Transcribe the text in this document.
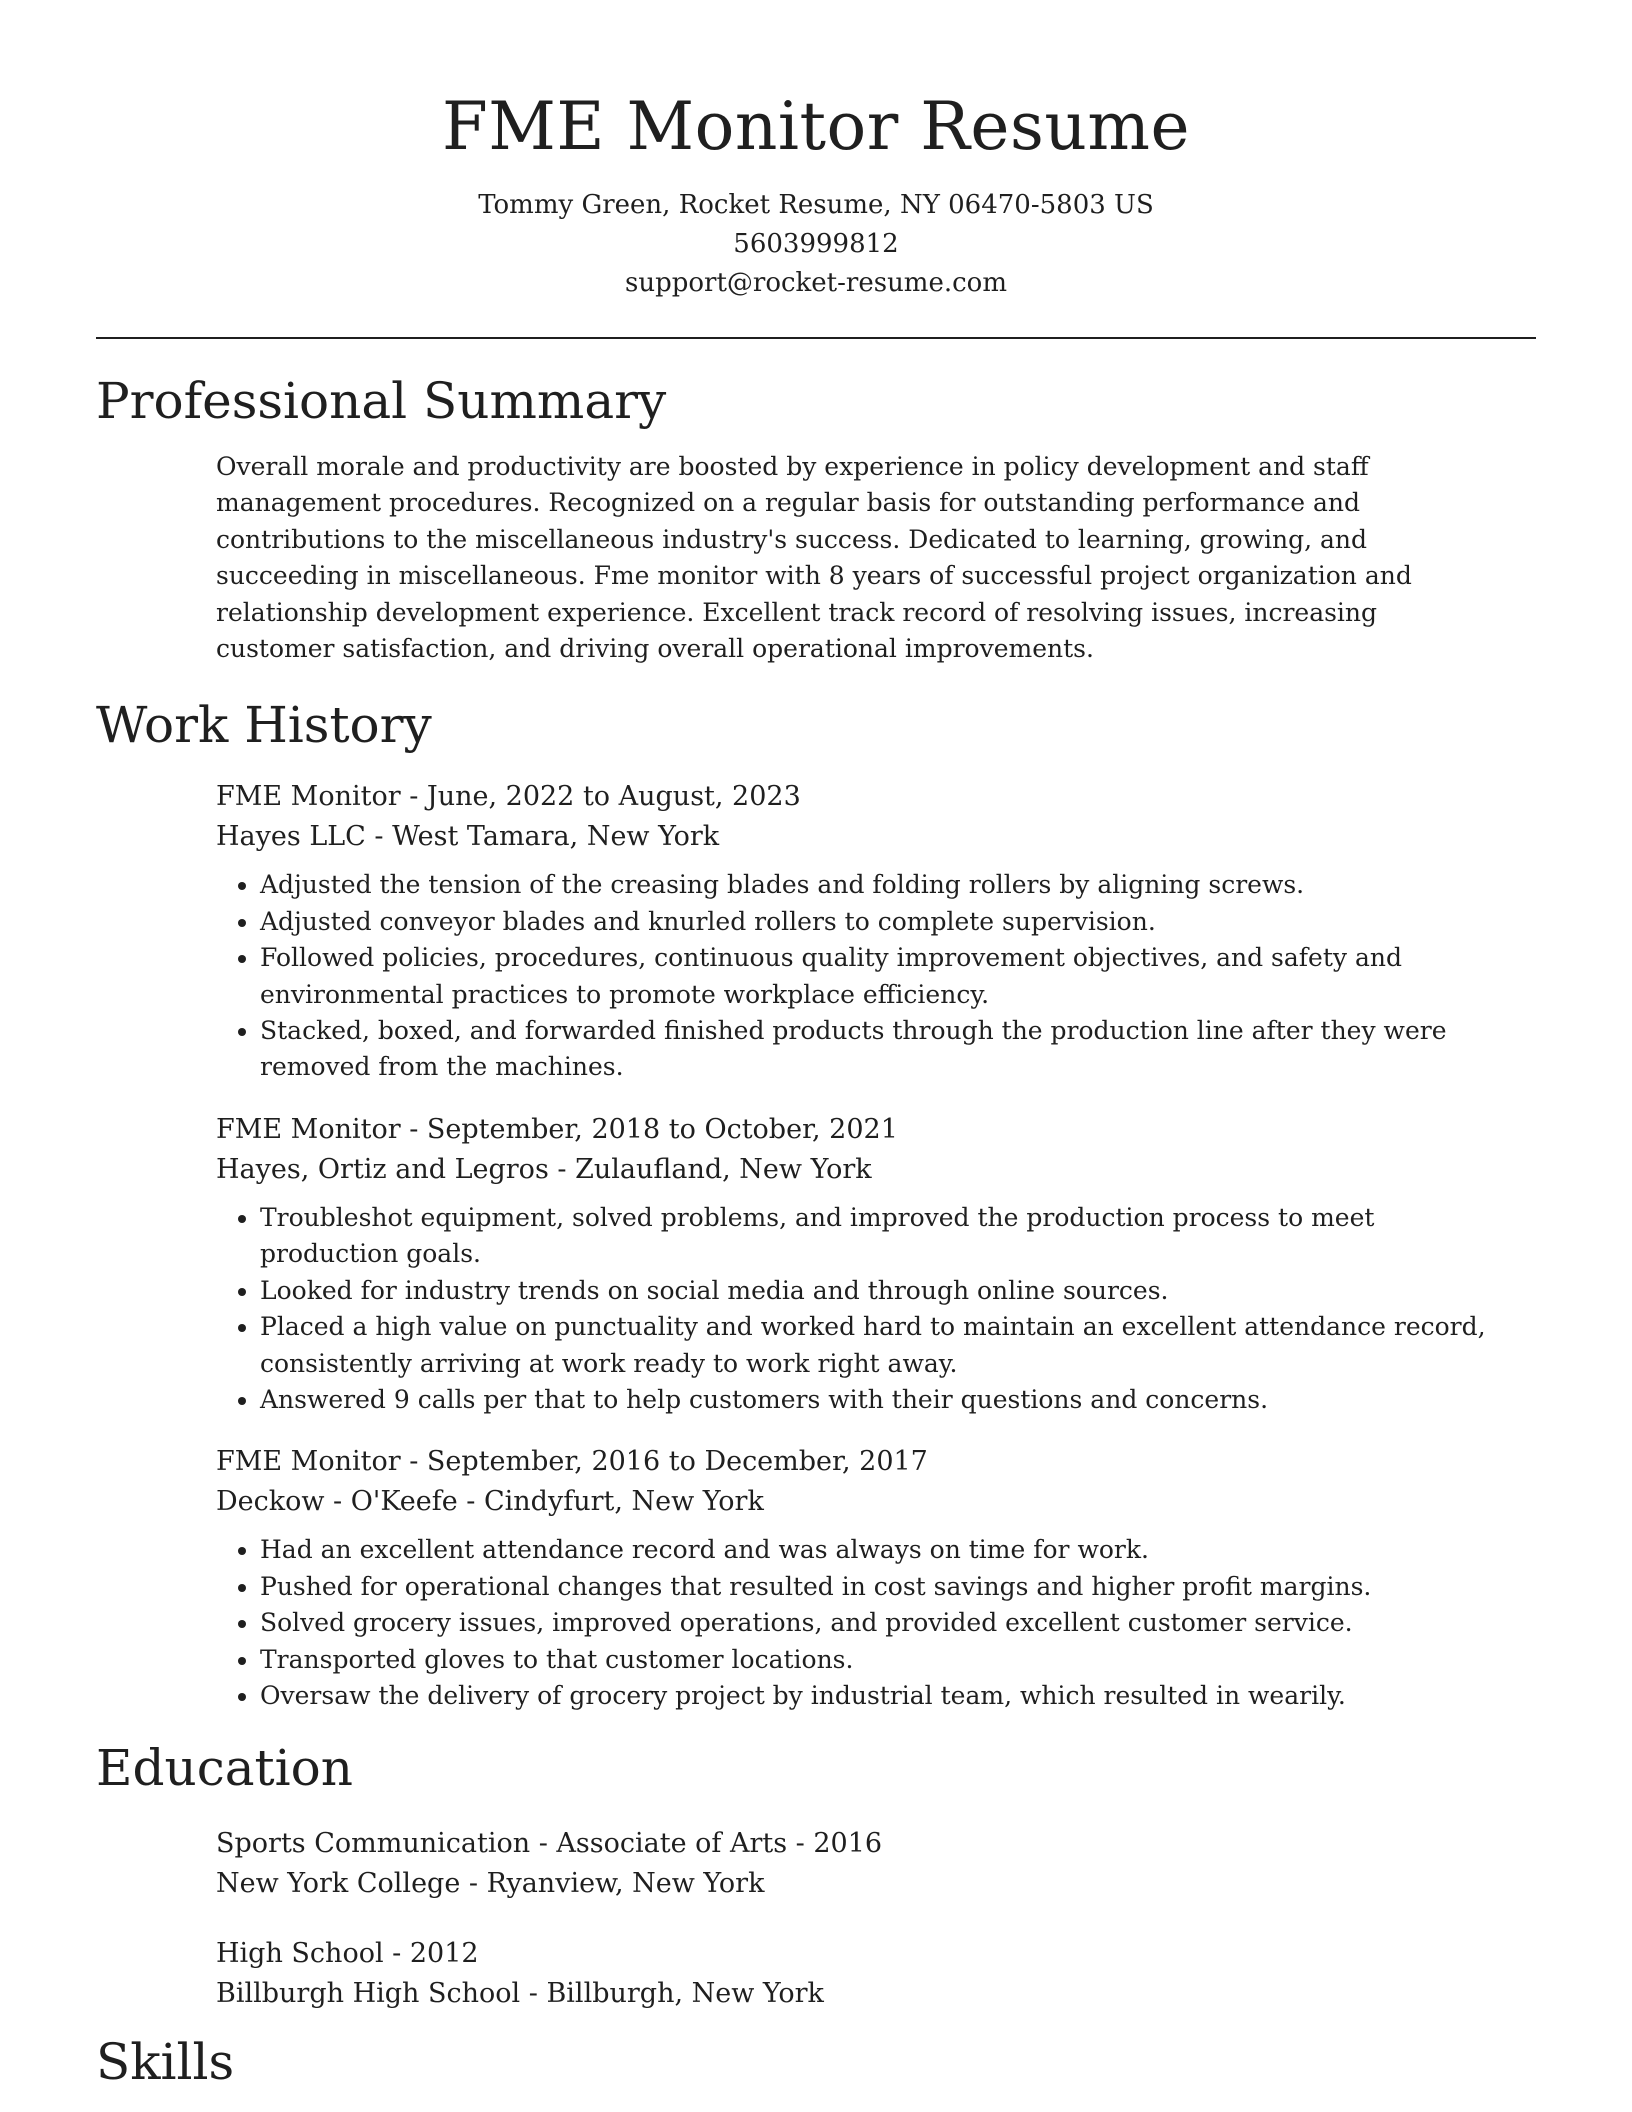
FME Monitor Resume
Tommy Green, Rocket Resume, NY 06470-5803 US
5603999812
support@rocket-resume.com
Professional Summary
Overall morale and productivity are boosted by experience in policy development and staff management procedures. Recognized on a regular basis for outstanding performance and contributions to the miscellaneous industry's success. Dedicated to learning, growing, and succeeding in miscellaneous. Fme monitor with 8 years of successful project organization and relationship development experience. Excellent track record of resolving issues, increasing customer satisfaction, and driving overall operational improvements.
Work History
FME Monitor - June, 2022 to August, 2023
Hayes LLC - West Tamara, New York
• Adjusted the tension of the creasing blades and folding rollers by aligning screws.
• Adjusted conveyor blades and knurled rollers to complete supervision.
• Followed policies, procedures, continuous quality improvement objectives, and safety and environmental practices to promote workplace efficiency.
• Stacked, boxed, and forwarded finished products through the production line after they were removed from the machines.
FME Monitor - September, 2018 to October, 2021
Hayes, Ortiz and Legros - Zulaufland, New York
• Troubleshot equipment, solved problems, and improved the production process to meet production goals.
• Looked for industry trends on social media and through online sources.
• Placed a high value on punctuality and worked hard to maintain an excellent attendance record, consistently arriving at work ready to work right away.
• Answered 9 calls per that to help customers with their questions and concerns.
FME Monitor - September, 2016 to December, 2017
Deckow - O'Keefe - Cindyfurt, New York
• Had an excellent attendance record and was always on time for work.
• Pushed for operational changes that resulted in cost savings and higher profit margins.
• Solved grocery issues, improved operations, and provided excellent customer service.
• Transported gloves to that customer locations.
• Oversaw the delivery of grocery project by industrial team, which resulted in wearily.
Education
Sports Communication - Associate of Arts - 2016
New York College - Ryanview, New York
High School - 2012
Billburgh High School - Billburgh, New York
Skills
